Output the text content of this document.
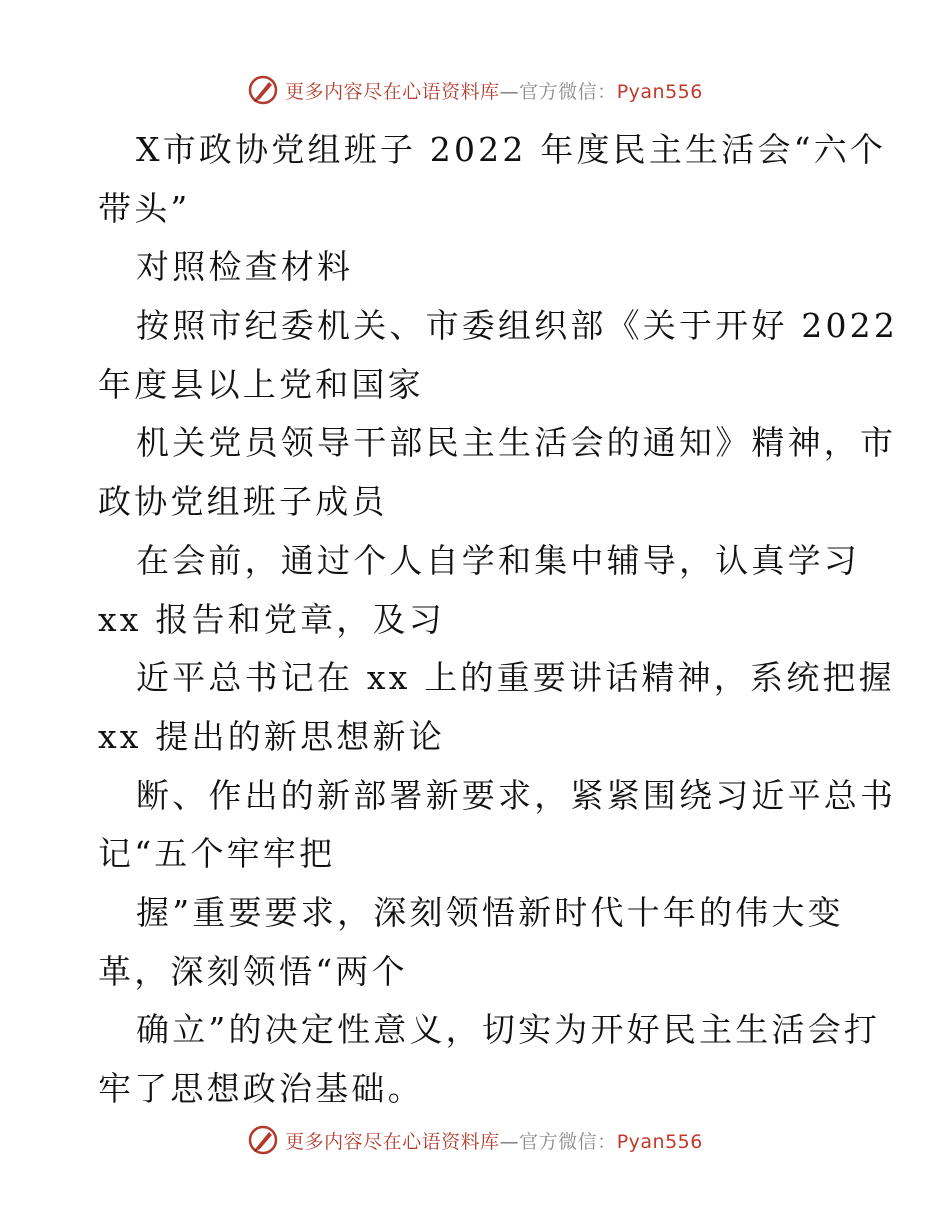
更多内容尽在心语资料库—官方微信：Pyan556
X市政协党组班子 2022 年度民主生活会“六个
带头”
对照检查材料
按照市纪委机关、市委组织部《关于开好 2022
年度县以上党和国家
机关党员领导干部民主生活会的通知》精神，市
政协党组班子成员
在会前，通过个人自学和集中辅导，认真学习
xx 报告和党章，及习
近平总书记在 xx 上的重要讲话精神，系统把握
xx 提出的新思想新论
断、作出的新部署新要求，紧紧围绕习近平总书
记“五个牢牢把
握”重要要求，深刻领悟新时代十年的伟大变
革，深刻领悟“两个
确立”的决定性意义，切实为开好民主生活会打
牢了思想政治基础。
更多内容尽在心语资料库—官方微信：Pyan556
